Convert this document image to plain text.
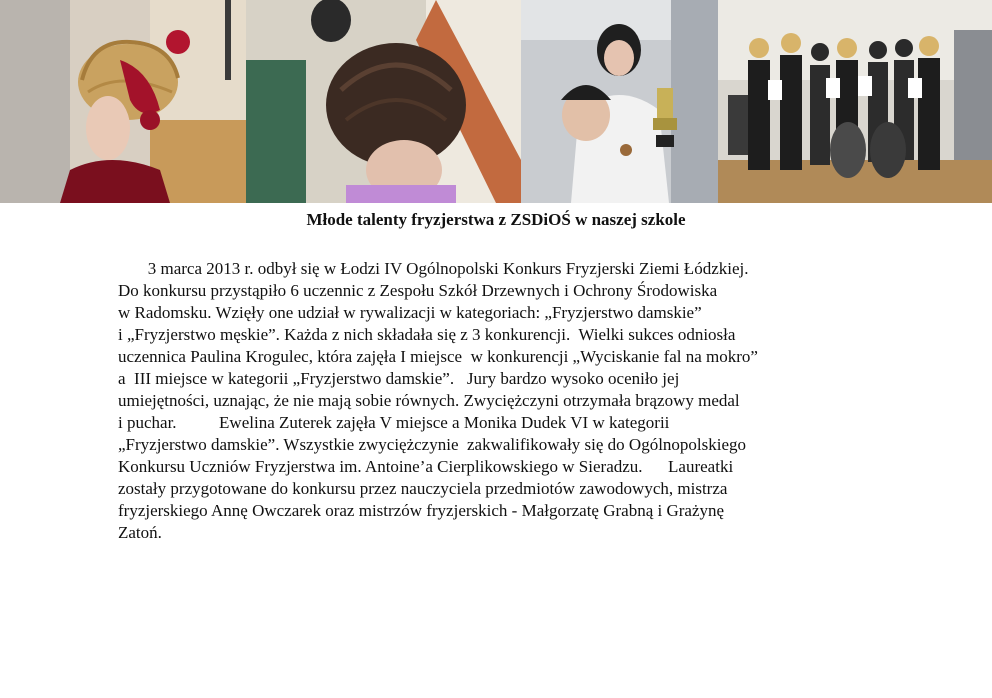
Młode talenty fryzjerstwa z ZSDiOŚ w naszej szkole
3 marca 2013 r. odbył się w Łodzi IV Ogólnopolski Konkurs Fryzjerski Ziemi Łódzkiej.
Do konkursu przystąpiło 6 uczennic z Zespołu Szkół Drzewnych i Ochrony Środowiska
w Radomsku. Wzięły one udział w rywalizacji w kategoriach: „Fryzjerstwo damskie”
i „Fryzjerstwo męskie”. Każda z nich składała się z 3 konkurencji.  Wielki sukces odniosła
uczennica Paulina Krogulec, która zajęła I miejsce  w konkurencji „Wyciskanie fal na mokro”
a  III miejsce w kategorii „Fryzjerstwo damskie”.   Jury bardzo wysoko oceniło jej
umiejętności, uznając, że nie mają sobie równych. Zwyciężczyni otrzymała brązowy medal
i puchar.          Ewelina Zuterek zajęła V miejsce a Monika Dudek VI w kategorii
„Fryzjerstwo damskie”. Wszystkie zwyciężczynie  zakwalifikowały się do Ogólnopolskiego
Konkursu Uczniów Fryzjerstwa im. Antoine’a Cierplikowskiego w Sieradzu.      Laureatki
zostały przygotowane do konkursu przez nauczyciela przedmiotów zawodowych, mistrza
fryzjerskiego Annę Owczarek oraz mistrzów fryzjerskich - Małgorzatę Grabną i Grażynę
Zatoń.
